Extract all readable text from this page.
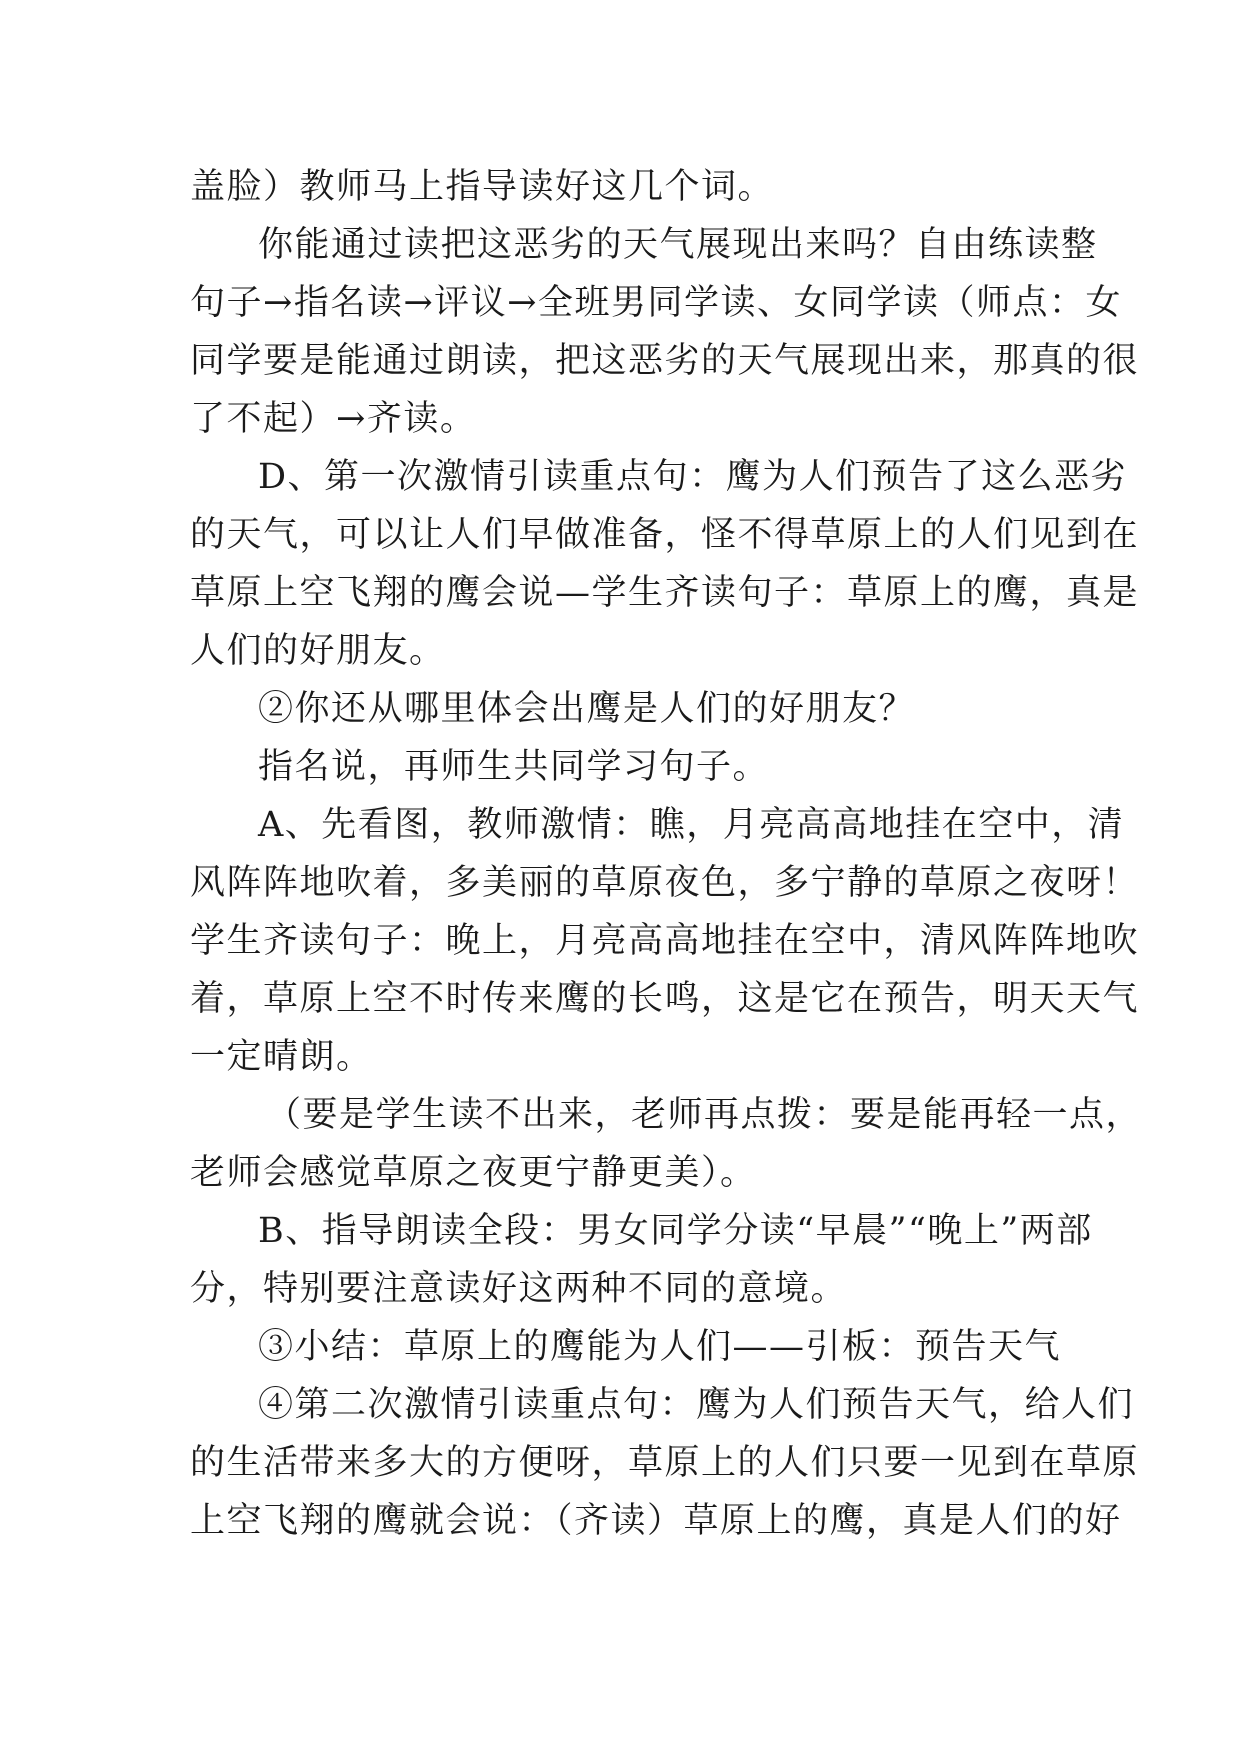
盖脸）教师马上指导读好这几个词。
你能通过读把这恶劣的天气展现出来吗？自由练读整
句子→指名读→评议→全班男同学读、女同学读（师点：女
同学要是能通过朗读，把这恶劣的天气展现出来，那真的很
了不起）→齐读。
D、第一次激情引读重点句：鹰为人们预告了这么恶劣
的天气，可以让人们早做准备，怪不得草原上的人们见到在
草原上空飞翔的鹰会说—学生齐读句子：草原上的鹰，真是
人们的好朋友。
②你还从哪里体会出鹰是人们的好朋友？
指名说，再师生共同学习句子。
A、先看图，教师激情：瞧，月亮高高地挂在空中，清
风阵阵地吹着，多美丽的草原夜色，多宁静的草原之夜呀！
学生齐读句子：晚上，月亮高高地挂在空中，清风阵阵地吹
着，草原上空不时传来鹰的长鸣，这是它在预告，明天天气
一定晴朗。
（要是学生读不出来，老师再点拨：要是能再轻一点，
老师会感觉草原之夜更宁静更美）。
B、指导朗读全段：男女同学分读“早晨”“晚上”两部
分，特别要注意读好这两种不同的意境。
③小结：草原上的鹰能为人们——引板：预告天气
④第二次激情引读重点句：鹰为人们预告天气，给人们
的生活带来多大的方便呀，草原上的人们只要一见到在草原
上空飞翔的鹰就会说：（齐读）草原上的鹰，真是人们的好
